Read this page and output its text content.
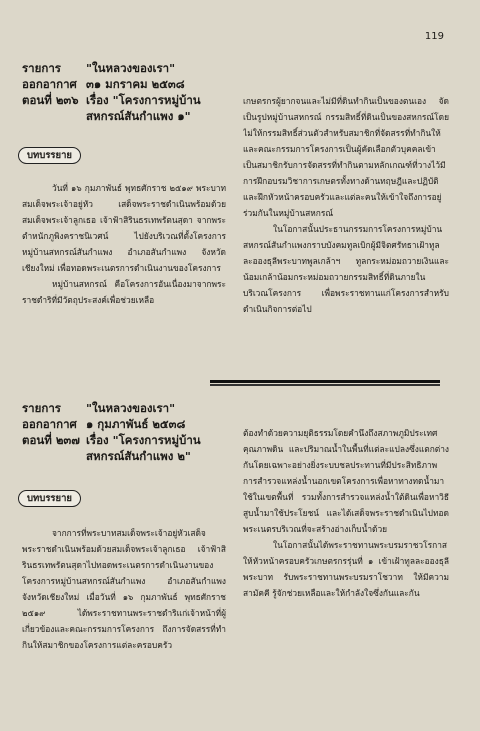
119
รายการ	"ในหลวงของเรา"
ออกอากาศ ๓๑ มกราคม ๒๕๓๘
ตอนที่ ๒๓๖ เรื่อง "โครงการหมู่บ้าน
สหกรณ์สันกำแพง ๑"
บทบรรยาย

วันที่ ๑๖ กุมภาพันธ์ พุทธศักราช ๒๕๑๙ พระบาทสมเด็จพระเจ้าอยู่หัว เสด็จพระราชดำเนินพร้อมด้วยสมเด็จพระเจ้าลูกเธอ เจ้าฟ้าสิรินธรเทพรัตนสุดา จากพระตำหนักภูพิงคราชนิเวศน์ ไปยังบริเวณที่ตั้งโครงการหมู่บ้านสหกรณ์สันกำแพง อำเภอสันกำแพง จังหวัดเชียงใหม่ เพื่อทอดพระเนตรการดำเนินงานของโครงการ

หมู่บ้านสหกรณ์ คือโครงการอันเนื่องมาจากพระราชดำริที่มีวัตถุประสงค์เพื่อช่วยเหลือ

เกษตรกรผู้ยากจนและไม่มีที่ดินทำกินเป็นของตนเอง จัดเป็นรูปหมู่บ้านสหกรณ์ กรรมสิทธิ์ที่ดินเป็นของสหกรณ์โดยไม่ให้กรรมสิทธิ์ส่วนตัวสำหรับสมาชิกที่จัดสรรที่ทำกินให้ และคณะกรรมการโครงการเป็นผู้คัดเลือกตัวบุคคลเข้าเป็นสมาชิกรับการจัดสรรที่ทำกินตามหลักเกณฑ์ที่วางไว้มีการฝึกอบรมวิชาการเกษตรทั้งทางด้านทฤษฎีและปฏิบัติและฝึกหัวหน้าครอบครัวและแต่ละคนให้เข้าใจถึงการอยู่ร่วมกันในหมู่บ้านสหกรณ์

ในโอกาสนั้นประธานกรรมการโครงการหมู่บ้านสหกรณ์สันกำแพงกราบบังคมทูลเบิกผู้มีจิตศรัทธาเฝ้าทูลละอองธุลีพระบาทพูลเกล้าฯ ทูลกระหม่อมถวายเงินและน้อมเกล้าน้อมกระหม่อมถวายกรรมสิทธิ์ที่ดินภายในบริเวณโครงการ เพื่อพระราชทานแก่โครงการสำหรับดำเนินกิจการต่อไป

รายการ	"ในหลวงของเรา"
ออกอากาศ ๑ กุมภาพันธ์ ๒๕๓๘
ตอนที่ ๒๓๗ เรื่อง "โครงการหมู่บ้าน
สหกรณ์สันกำแพง ๒"
บทบรรยาย

จากการที่พระบาทสมเด็จพระเจ้าอยู่หัวเสด็จพระราชดำเนินพร้อมด้วยสมเด็จพระเจ้าลูกเธอ เจ้าฟ้าสิรินธรเทพรัตนสุดาไปทอดพระเนตรการดำเนินงานของโครงการหมู่บ้านสหกรณ์สันกำแพง อำเภอสันกำแพง จังหวัดเชียงใหม่ เมื่อวันที่ ๑๖ กุมภาพันธ์ พุทธศักราช ๒๕๑๙ ได้พระราชทานพระราชดำริแก่เจ้าหน้าที่ผู้เกี่ยวข้องและคณะกรรมการโครงการ ถึงการจัดสรรที่ทำกินให้สมาชิกของโครงการแต่ละครอบครัว

ต้องทำด้วยความยุติธรรมโดยคำนึงถึงสภาพภูมิประเทศ คุณภาพดิน และปริมาณน้ำในพื้นที่แต่ละแปลงซึ่งแตกต่างกันโดยเฉพาะอย่างยิ่งระบบชลประทานที่มีประสิทธิภาพ การสำรวจแหล่งน้ำนอกเขตโครงการเพื่อหาทางทดน้ำมาใช้ในเขตพื้นที่ รวมทั้งการสำรวจแหล่งน้ำใต้ดินเพื่อหาวิธีสูบน้ำมาใช้ประโยชน์ และได้เสด็จพระราชดำเนินไปทอดพระเนตรบริเวณที่จะสร้างอ่างเก็บน้ำด้วย

ในโอกาสนั้นได้พระราชทานพระบรมราชวโรกาสให้หัวหน้าครอบครัวเกษตรกรรุ่นที่ ๑ เข้าเฝ้าทูลละอองธุลีพระบาท รับพระราชทานพระบรมราโชวาท ให้มีความสามัคคี รู้จักช่วยเหลือและให้กำลังใจซึ่งกันและกัน
